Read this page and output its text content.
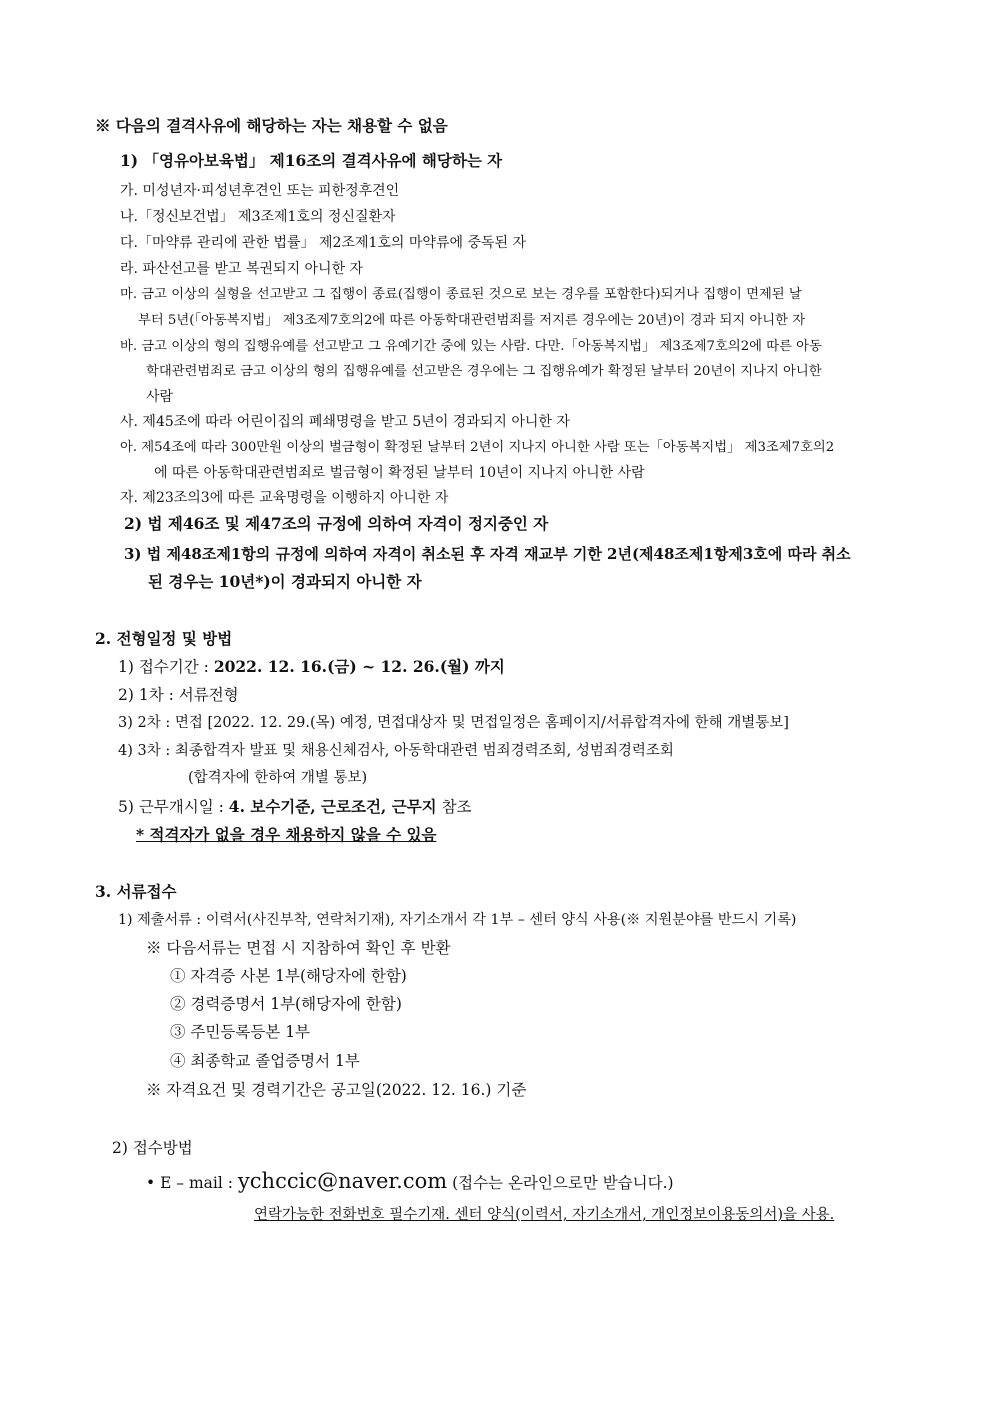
※ 다음의 결격사유에 해당하는 자는 채용할 수 없음
1) 「영유아보육법」 제16조의 결격사유에 해당하는 자
가. 미성년자·피성년후견인 또는 피한정후견인
나.「정신보건법」 제3조제1호의 정신질환자
다.「마약류 관리에 관한 법률」 제2조제1호의 마약류에 중독된 자
라. 파산선고를 받고 복권되지 아니한 자
마. 금고 이상의 실형을 선고받고 그 집행이 종료(집행이 종료된 것으로 보는 경우를 포함한다)되거나 집행이 면제된 날
부터 5년(「아동복지법」 제3조제7호의2에 따른 아동학대관련범죄를 저지른 경우에는 20년)이 경과 되지 아니한 자
바. 금고 이상의 형의 집행유예를 선고받고 그 유예기간 중에 있는 사람. 다만.「아동복지법」 제3조제7호의2에 따른 아동
학대관련범죄로 금고 이상의 형의 집행유예를 선고받은 경우에는 그 집행유예가 확정된 날부터 20년이 지나지 아니한
사람
사. 제45조에 따라 어린이집의 폐쇄명령을 받고 5년이 경과되지 아니한 자
아. 제54조에 따라 300만원 이상의 벌금형이 확정된 날부터 2년이 지나지 아니한 사람 또는「아동복지법」 제3조제7호의2
에 따른 아동학대관련범죄로 벌금형이 확정된 날부터 10년이 지나지 아니한 사람
자. 제23조의3에 따른 교육명령을 이행하지 아니한 자
2) 법 제46조 및 제47조의 규정에 의하여 자격이 정지중인 자
3) 법 제48조제1항의 규정에 의하여 자격이 취소된 후 자격 재교부 기한 2년(제48조제1항제3호에 따라 취소
된 경우는 10년*)이 경과되지 아니한 자
2. 전형일정 및 방법
1) 접수기간 : 2022. 12. 16.(금) ~ 12. 26.(월) 까지
2) 1차 : 서류전형
3) 2차 : 면접 [2022. 12. 29.(목) 예정, 면접대상자 및 면접일정은 홈페이지/서류합격자에 한해 개별통보]
4) 3차 : 최종합격자 발표 및 채용신체검사, 아동학대관련 범죄경력조회, 성범죄경력조회
(합격자에 한하여 개별 통보)
5) 근무개시일 : 4. 보수기준, 근로조건, 근무지 참조
* 적격자가 없을 경우 채용하지 않을 수 있음
3. 서류접수
1) 제출서류 : 이력서(사진부착, 연락처기재), 자기소개서 각 1부 – 센터 양식 사용(※ 지원분야를 반드시 기록)
※ 다음서류는 면접 시 지참하여 확인 후 반환
① 자격증 사본 1부(해당자에 한함)
② 경력증명서 1부(해당자에 한함)
③ 주민등록등본 1부
④ 최종학교 졸업증명서 1부
※ 자격요건 및 경력기간은 공고일(2022. 12. 16.) 기준
2) 접수방법
• E – mail : ychccic@naver.com (접수는 온라인으로만 받습니다.)
연락가능한 전화번호 필수기재. 센터 양식(이력서, 자기소개서, 개인정보이용동의서)을 사용.
